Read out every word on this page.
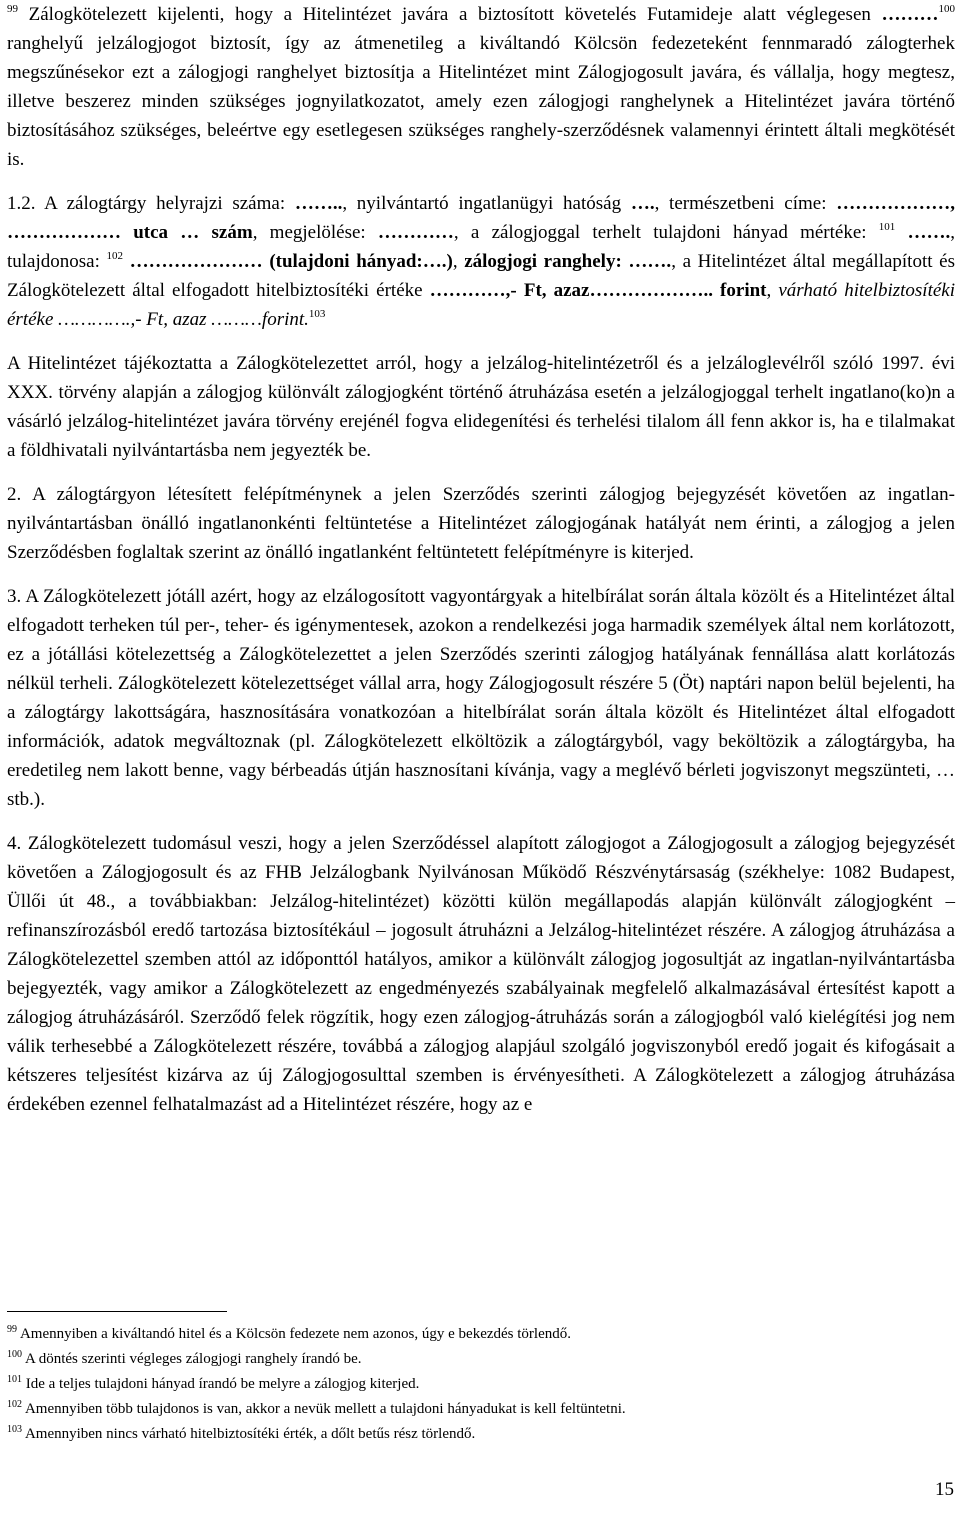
$^{99}$ Zálogkötelezett kijelenti, hogy a Hitelintézet javára a biztosított követelés Futamideje alatt véglegesen ………$^{100}$ ranghelyű jelzálogjogot biztosít, így az átmenetileg a kiváltandó Kölcsön fedezeteként fennmaradó zálogterhek megszűnésekor ezt a zálogjogi ranghelyet biztosítja a Hitelintézet mint Zálogjogosult javára, és vállalja, hogy megtesz, illetve beszerez minden szükséges jognyilatkozatot, amely ezen zálogjogi ranghelynek a Hitelintézet javára történő biztosításához szükséges, beleértve egy esetlegesen szükséges ranghely-szerződésnek valamennyi érintett általi megkötését is.

1.2. A zálogtárgy helyrajzi száma: …….., nyilvántartó ingatlanügyi hatóság …., természetbeni címe: ………………, ……………… utca … szám, megjelölése: …………, a zálogjoggal terhelt tulajdoni hányad mértéke: $^{101}$ ……., tulajdonosa: $^{102}$ ………………… (tulajdoni hányad:….), zálogjogi ranghely: ……., a Hitelintézet által megállapított és Zálogkötelezett által elfogadott hitelbiztosítéki értéke …………,- Ft, azaz……………….. forint, várható hitelbiztosítéki értéke ………….,- Ft, azaz ………forint.$^{103}$

A Hitelintézet tájékoztatta a Zálogkötelezettet arról, hogy a jelzálog-hitelintézetről és a jelzáloglevélről szóló 1997. évi XXX. törvény alapján a zálogjog különvált zálogjogként történő átruházása esetén a jelzálogjoggal terhelt ingatlano(ko)n a vásárló jelzálog-hitelintézet javára törvény erejénél fogva elidegenítési és terhelési tilalom áll fenn akkor is, ha e tilalmakat a földhivatali nyilvántartásba nem jegyezték be.

2. A zálogtárgyon létesített felépítménynek a jelen Szerződés szerinti zálogjog bejegyzését követően az ingatlan-nyilvántartásban önálló ingatlanonkénti feltüntetése a Hitelintézet zálogjogának hatályát nem érinti, a zálogjog a jelen Szerződésben foglaltak szerint az önálló ingatlanként feltüntetett felépítményre is kiterjed.

3. A Zálogkötelezett jótáll azért, hogy az elzálogosított vagyontárgyak a hitelbírálat során általa közölt és a Hitelintézet által elfogadott terheken túl per-, teher- és igénymentesek, azokon a rendelkezési joga harmadik személyek által nem korlátozott, ez a jótállási kötelezettség a Zálogkötelezettet a jelen Szerződés szerinti zálogjog hatályának fennállása alatt korlátozás nélkül terheli. Zálogkötelezett kötelezettséget vállal arra, hogy Zálogjogosult részére 5 (Öt) naptári napon belül bejelenti, ha a zálogtárgy lakottságára, hasznosítására vonatkozóan a hitelbírálat során általa közölt és Hitelintézet által elfogadott információk, adatok megváltoznak (pl. Zálogkötelezett elköltözik a zálogtárgyból, vagy beköltözik a zálogtárgyba, ha eredetileg nem lakott benne, vagy bérbeadás útján hasznosítani kívánja, vagy a meglévő bérleti jogviszonyt megszünteti, … stb.).

4. Zálogkötelezett tudomásul veszi, hogy a jelen Szerződéssel alapított zálogjogot a Zálogjogosult a zálogjog bejegyzését követően a Zálogjogosult és az FHB Jelzálogbank Nyilvánosan Működő Részvénytársaság (székhelye: 1082 Budapest, Üllői út 48., a továbbiakban: Jelzálog-hitelintézet) közötti külön megállapodás alapján különvált zálogjogként – refinanszírozásból eredő tartozása biztosítékául – jogosult átruházni a Jelzálog-hitelintézet részére. A zálogjog átruházása a Zálogkötelezettel szemben attól az időponttól hatályos, amikor a különvált zálogjog jogosultját az ingatlan-nyilvántartásba bejegyezték, vagy amikor a Zálogkötelezett az engedményezés szabályainak megfelelő alkalmazásával értesítést kapott a zálogjog átruházásáról. Szerződő felek rögzítik, hogy ezen zálogjog-átruházás során a zálogjogból való kielégítési jog nem válik terhesebbé a Zálogkötelezett részére, továbbá a zálogjog alapjául szolgáló jogviszonyból eredő jogait és kifogásait a kétszeres teljesítést kizárva az új Zálogjogosulttal szemben is érvényesítheti. A Zálogkötelezett a zálogjog átruházása érdekében ezennel felhatalmazást ad a Hitelintézet részére, hogy az e

$^{99}$ Amennyiben a kiváltandó hitel és a Kölcsön fedezete nem azonos, úgy e bekezdés törlendő.
$^{100}$ A döntés szerinti végleges zálogjogi ranghely írandó be.
$^{101}$ Ide a teljes tulajdoni hányad írandó be melyre a zálogjog kiterjed.
$^{102}$ Amennyiben több tulajdonos is van, akkor a nevük mellett a tulajdoni hányadukat is kell feltüntetni.
$^{103}$ Amennyiben nincs várható hitelbiztosítéki érték, a dőlt betűs rész törlendő.
15
